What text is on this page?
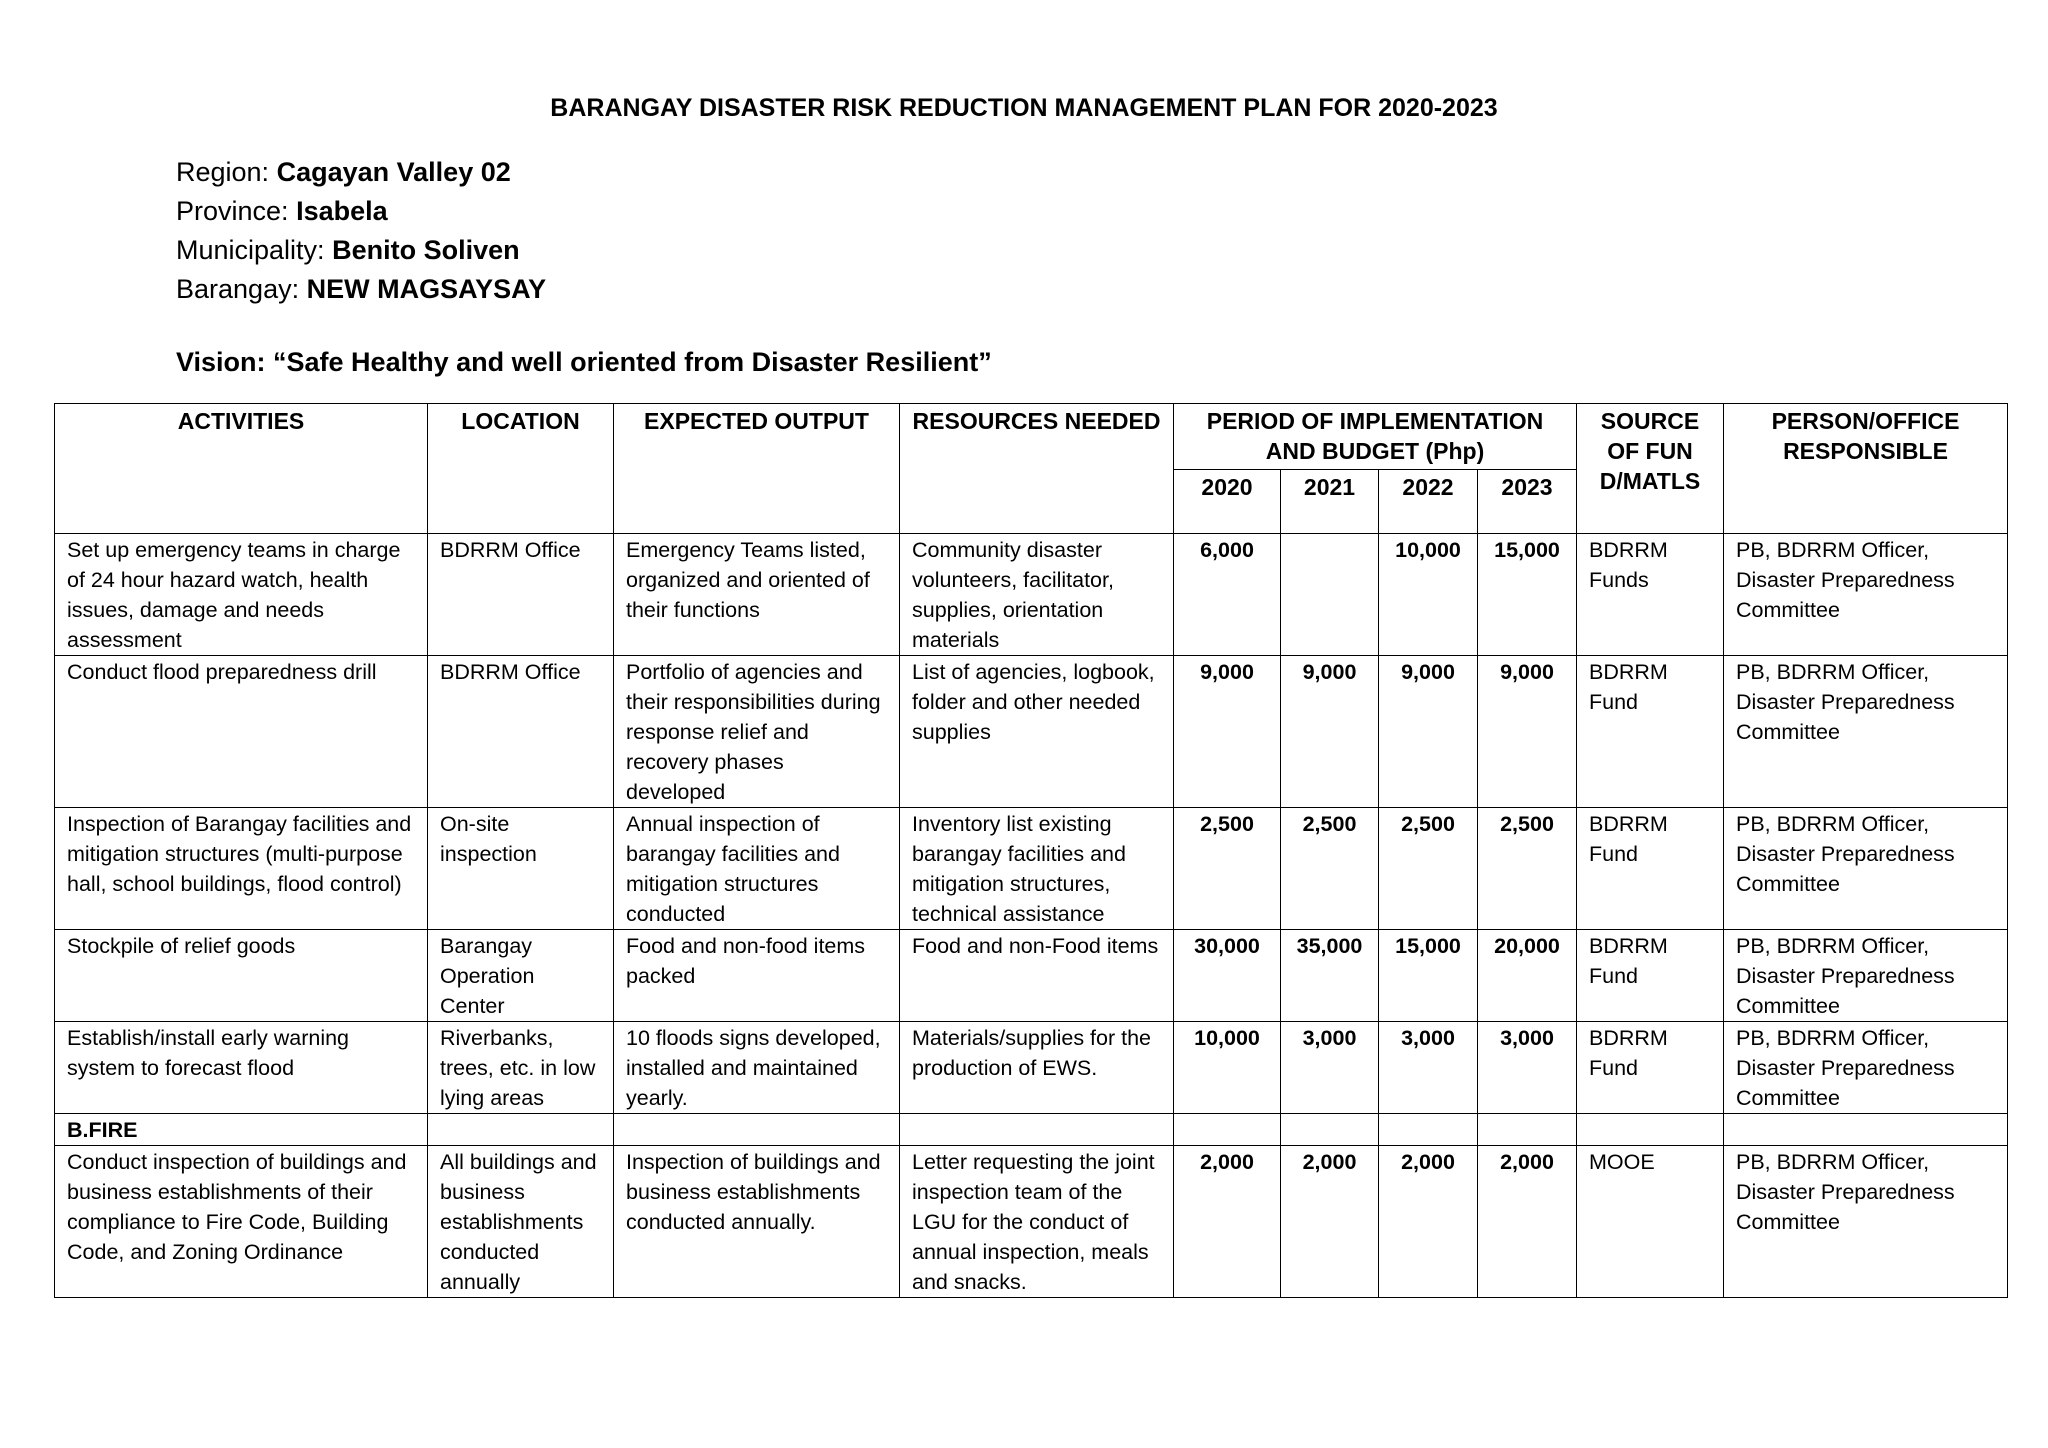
BARANGAY DISASTER RISK REDUCTION MANAGEMENT PLAN FOR 2020-2023
Region: Cagayan Valley 02
Province: Isabela
Municipality: Benito Soliven
Barangay: NEW MAGSAYSAY
Vision: “Safe Healthy and well oriented from Disaster Resilient”
ACTIVITIES	LOCATION	EXPECTED OUTPUT	RESOURCES NEEDED	PERIOD OF IMPLEMENTATION AND BUDGET (Php)				SOURCE OF FUND/MATLS	PERSON/OFFICE RESPONSIBLE
				2020	2021	2022	2023		
Set up emergency teams in charge of 24 hour hazard watch, health issues, damage and needs assessment	BDRRM Office	Emergency Teams listed, organized and oriented of their functions	Community disaster volunteers, facilitator, supplies, orientation materials	6,000		10,000	15,000	BDRRM Funds	PB, BDRRM Officer, Disaster Preparedness Committee
Conduct flood preparedness drill	BDRRM Office	Portfolio of agencies and their responsibilities during response relief and recovery phases developed	List of agencies, logbook, folder and other needed supplies	9,000	9,000	9,000	9,000	BDRRM Fund	PB, BDRRM Officer, Disaster Preparedness Committee
Inspection of Barangay facilities and mitigation structures (multi-purpose hall, school buildings, flood control)	On-site inspection	Annual inspection of barangay facilities and mitigation structures conducted	Inventory list existing barangay facilities and mitigation structures, technical assistance	2,500	2,500	2,500	2,500	BDRRM Fund	PB, BDRRM Officer, Disaster Preparedness Committee
Stockpile of relief goods	Barangay Operation Center	Food and non-food items packed	Food and non-Food items	30,000	35,000	15,000	20,000	BDRRM Fund	PB, BDRRM Officer, Disaster Preparedness Committee
Establish/install early warning system to forecast flood	Riverbanks, trees, etc. in low lying areas	10 floods signs developed, installed and maintained yearly.	Materials/supplies for the production of EWS.	10,000	3,000	3,000	3,000	BDRRM Fund	PB, BDRRM Officer, Disaster Preparedness Committee
B.FIRE									
Conduct inspection of buildings and business establishments of their compliance to Fire Code, Building Code, and Zoning Ordinance	All buildings and business establishments conducted annually	Inspection of buildings and business establishments conducted annually.	Letter requesting the joint inspection team of the LGU for the conduct of annual inspection, meals and snacks.	2,000	2,000	2,000	2,000	MOOE	PB, BDRRM Officer, Disaster Preparedness Committee
